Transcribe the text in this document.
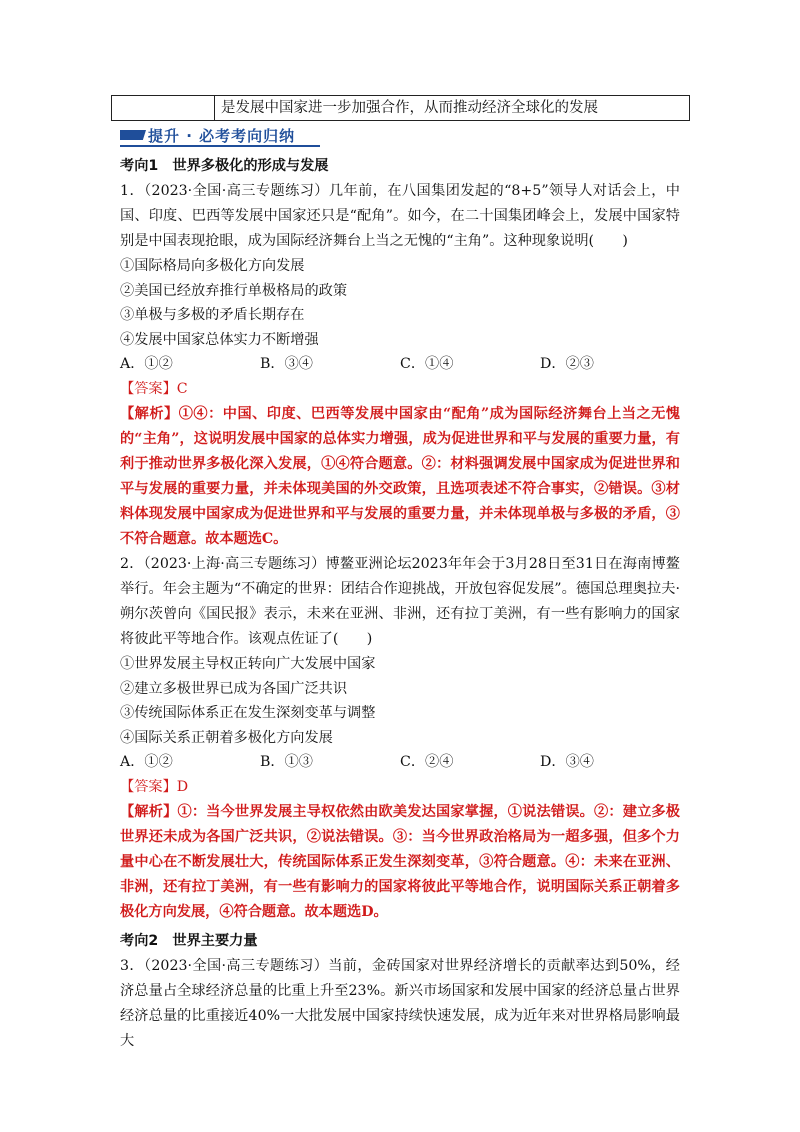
是发展中国家进一步加强合作，从而推动经济全球化的发展
提升 · 必考考向归纳
考向1　世界多极化的形成与发展
1．（2023·全国·高三专题练习）几年前，在八国集团发起的“8+5”领导人对话会上，中国、印度、巴西等发展中国家还只是“配角”。如今，在二十国集团峰会上，发展中国家特别是中国表现抢眼，成为国际经济舞台上当之无愧的“主角”。这种现象说明(　　)
①国际格局向多极化方向发展
②美国已经放弃推行单极格局的政策
③单极与多极的矛盾长期存在
④发展中国家总体实力不断增强
A．①②	B．③④	C．①④	D．②③
【答案】C
【解析】①④：中国、印度、巴西等发展中国家由“配角”成为国际经济舞台上当之无愧的“主角”，这说明发展中国家的总体实力增强，成为促进世界和平与发展的重要力量，有利于推动世界多极化深入发展，①④符合题意。②：材料强调发展中国家成为促进世界和平与发展的重要力量，并未体现美国的外交政策，且选项表述不符合事实，②错误。③材料体现发展中国家成为促进世界和平与发展的重要力量，并未体现单极与多极的矛盾，③不符合题意。故本题选C。
2．（2023·上海·高三专题练习）博鳌亚洲论坛2023年年会于3月28日至31日在海南博鳌举行。年会主题为“不确定的世界：团结合作迎挑战，开放包容促发展”。德国总理奥拉夫·朔尔茨曾向《国民报》表示，未来在亚洲、非洲，还有拉丁美洲，有一些有影响力的国家将彼此平等地合作。该观点佐证了(　　)
①世界发展主导权正转向广大发展中国家
②建立多极世界已成为各国广泛共识
③传统国际体系正在发生深刻变革与调整
④国际关系正朝着多极化方向发展
A．①②	B．①③	C．②④	D．③④
【答案】D
【解析】①：当今世界发展主导权依然由欧美发达国家掌握，①说法错误。②：建立多极世界还未成为各国广泛共识，②说法错误。③：当今世界政治格局为一超多强，但多个力量中心在不断发展壮大，传统国际体系正发生深刻变革，③符合题意。④：未来在亚洲、非洲，还有拉丁美洲，有一些有影响力的国家将彼此平等地合作，说明国际关系正朝着多极化方向发展，④符合题意。故本题选D。
考向2　世界主要力量
3．（2023·全国·高三专题练习）当前，金砖国家对世界经济增长的贡献率达到50%，经济总量占全球经济总量的比重上升至23%。新兴市场国家和发展中国家的经济总量占世界经济总量的比重接近40%一大批发展中国家持续快速发展，成为近年来对世界格局影响最大
